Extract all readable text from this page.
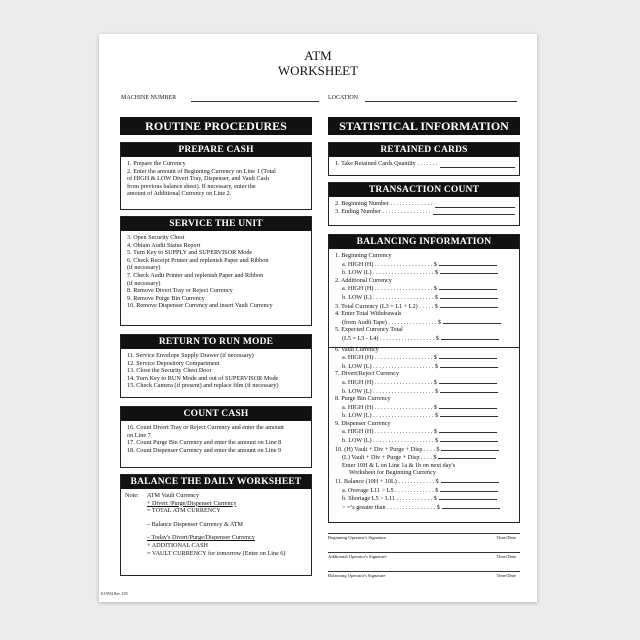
ATM
WORKSHEET
MACHINE NUMBER	LOCATION
ROUTINE PROCEDURES
PREPARE CASH
1. Prepare the Currency
2. Enter the amount of Beginning Currency on Line 1 (Total
of HIGH & LOW Divert Tray, Dispenser, and Vault Cash
from previous balance sheet). If necessary, enter the
amount of Additional Currency on Line 2.
SERVICE THE UNIT
3. Open Security Chest
4. Obtain Audit Status Report
5. Turn Key to SUPPLY and SUPERVISOR Mode
6. Check Receipt Printer and replenish Paper and Ribbon
(if necessary)
7. Check Audit Printer and replenish Paper and Ribbon
(if necessary)
8. Remove Divert Tray or Reject Currency
9. Remove Purge Bin Currency
10. Remove Dispenser Currency and insert Vault Currency
RETURN TO RUN MODE
11. Service Envelope Supply Drawer (if necessary)
12. Service Depository Compartment
13. Close the Security Chest Door
14. Turn Key to RUN Mode and out of SUPERVISOR Mode
15. Check Camera (if present) and replace film (if necessary)
COUNT CASH
16. Count Divert Tray or Reject Currency and enter the amount
on Line 7
17. Count Purge Bin Currency and enter the amount on Line 8
18. Count Dispenser Currency and enter the amount on Line 9
BALANCE THE DAILY WORKSHEET
Note: ATM Vault Currency
+ Divert /Purge/Dispenser Currency
= TOTAL ATM CURRENCY
– Balance Dispenser Currency & ATM
– Today's Divert/Purge/Dispenser Currency
+ ADDITIONAL CASH
= VAULT CURRENCY for tomorrow (Enter on Line 6)
KI-9554 Rev. 3/05
STATISTICAL INFORMATION
RETAINED CARDS
1. Take Retained Cards Quantity . . . . . . .
TRANSACTION COUNT
2. Beginning Number . . . . . . . . . . . . . .
3. Ending Number . . . . . . . . . . . . . . . .
BALANCING INFORMATION
1. Beginning Currency
a. HIGH (H) . . . . . . . . . . . . . . . . . . . $
b. LOW (L) . . . . . . . . . . . . . . . . . . . . $
2. Additional Currency
a. HIGH (H) . . . . . . . . . . . . . . . . . . . $
b. LOW (L) . . . . . . . . . . . . . . . . . . . . $
3. Total Currency (L3 = L1 + L2) . . . . . $
4. Enter Total Withdrawals
(from Audit Tape) . . . . . . . . . . . . . . . . $
5. Expected Currency Total
(L5 = L3 - L4) . . . . . . . . . . . . . . . . . . $
6. Vault Currency
a. HIGH (H) . . . . . . . . . . . . . . . . . . . $
b. LOW (L) . . . . . . . . . . . . . . . . . . . . $
7. Divert/Reject Currency
a. HIGH (H) . . . . . . . . . . . . . . . . . . . $
b. LOW (L) . . . . . . . . . . . . . . . . . . . . $
8. Purge Bin Currency
a. HIGH (H) . . . . . . . . . . . . . . . . . . . $
b. LOW (L) . . . . . . . . . . . . . . . . . . . . $
9. Dispenser Currency
a. HIGH (H) . . . . . . . . . . . . . . . . . . . $
b. LOW (L) . . . . . . . . . . . . . . . . . . . . $
10. (H) Vault + Div + Purge + Disp . . . . $
(L) Vault + Div + Purge + Disp . . . . $
Enter 10H & L on Line 1a & 1b on next day's
Worksheet for Beginning Currency
11. Balance (10H + 10L) . . . . . . . . . . . . $
a. Overage L11 > L5 . . . . . . . . . . . . . $
b. Shortage L5 > L11 . . . . . . . . . . . . $
> =’s greater than . . . . . . . . . . . . . . . . $
Beginning Operator's Signature	Time/Date
Additional Operator's Signature	Time/Date
Balancing Operator's Signature	Time/Date
